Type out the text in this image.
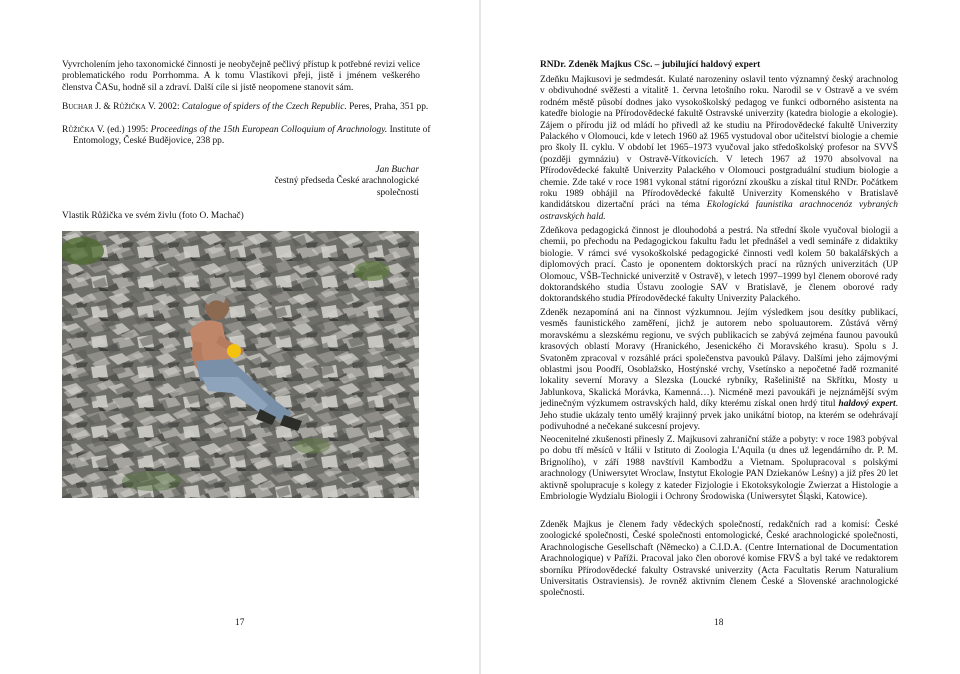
Vyvrcholením jeho taxonomické činnosti je neobyčejně pečlivý přístup k potřebné revizi velice problematického rodu Porrhomma. A k tomu Vlastíkovi přeji, jistě i jménem veškerého členstva ČASu, hodně sil a zdraví. Další cíle si jistě neopomene stanovit sám.
Buchar J. & Růžička V. 2002: Catalogue of spiders of the Czech Republic. Peres, Praha, 351 pp.
Růžička V. (ed.) 1995: Proceedings of the 15th European Colloquium of Arachnology. Institute of Entomology, České Budějovice, 238 pp.
Jan Buchar
čestný předseda České arachnologické společnosti
Vlastik Růžička ve svém živlu (foto O. Machač)
17
RNDr. Zdeněk Majkus CSc. – jubilující haldový expert
Zdeňku Majkusovi je sedmdesát. Kulaté narozeniny oslavil tento významný český arachnolog v obdivuhodné svěžesti a vitalitě 1. června letošního roku. Narodil se v Ostravě a ve svém rodném městě působí dodnes jako vysokoškolský pedagog ve funkci odborného asistenta na katedře biologie na Přírodovědecké fakultě Ostravské univerzity (katedra biologie a ekologie). Zájem o přírodu již od mládí ho přivedl až ke studiu na Přírodovědecké fakultě Univerzity Palackého v Olomouci, kde v letech 1960 až 1965 vystudoval obor učitelství biologie a chemie pro školy II. cyklu. V období let 1965–1973 vyučoval jako středoškolský profesor na SVVŠ (později gymnáziu) v Ostravě-Vítkovicích. V letech 1967 až 1970 absolvoval na Přírodovědecké fakultě Univerzity Palackého v Olomouci postgraduální studium biologie a chemie. Zde také v roce 1981 vykonal státní rigorózní zkoušku a získal titul RNDr. Počátkem roku 1989 obhájil na Přírodovědecké fakultě Univerzity Komenského v Bratislavě kandidátskou dizertační práci na téma Ekologická faunistika arachnocenóz vybraných ostravských hald.
Zdeňkova pedagogická činnost je dlouhodobá a pestrá. Na střední škole vyučoval biologii a chemii, po přechodu na Pedagogickou fakultu řadu let přednášel a vedl semináře z didaktiky biologie. V rámci své vysokoškolské pedagogické činnosti vedl kolem 50 bakalářských a diplomových prací. Často je oponentem doktorských prací na různých univerzitách (UP Olomouc, VŠB-Technické univerzitě v Ostravě), v letech 1997–1999 byl členem oborové rady doktorandského studia Ústavu zoologie SAV v Bratislavě, je členem oborové rady doktorandského studia Přírodovědecké fakulty Univerzity Palackého.
Zdeněk nezapomíná ani na činnost výzkumnou. Jejím výsledkem jsou desítky publikací, vesměs faunistického zaměření, jichž je autorem nebo spoluautorem. Zůstává věrný moravskému a slezskému regionu, ve svých publikacích se zabývá zejména faunou pavouků krasových oblastí Moravy (Hranického, Jesenického či Moravského krasu). Spolu s J. Svatoněm zpracoval v rozsáhlé práci společenstva pavouků Pálavy. Dalšími jeho zájmovými oblastmi jsou Poodří, Osoblažsko, Hostýnské vrchy, Vsetínsko a nepočetné řadě rozmanité lokality severní Moravy a Slezska (Loucké rybníky, Rašeliniště na Skřítku, Mosty u Jablunkova, Skalická Morávka, Kamenná…). Nicméně mezi pavoukáři je nejznámější svým jedinečným výzkumem ostravských hald, díky kterému získal onen hrdý titul haldový expert. Jeho studie ukázaly tento umělý krajinný prvek jako unikátní biotop, na kterém se odehrávají podivuhodné a nečekané sukcesní projevy.
Neocenitelné zkušenosti přinesly Z. Majkusovi zahraniční stáže a pobyty: v roce 1983 pobýval po dobu tří měsíců v Itálii v Istituto di Zoologia L'Aquila (u dnes už legendárního dr. P. M. Brignolího), v září 1988 navštívil Kambodžu a Vietnam. Spolupracoval s polskými arachnology (Uniwersytet Wroclaw, Instytut Ekologie PAN Dziekanów Leśny) a již přes 20 let aktivně spolupracuje s kolegy z kateder Fizjologie i Ekotoksykologie Zwierzat a Histologie a Embriologie Wydzialu Biologii i Ochrony Środowiska (Uniwersytet Śląski, Katowice).
Zdeněk Majkus je členem řady vědeckých společností, redakčních rad a komisí: České zoologické společnosti, České společnosti entomologické, České arachnologické společnosti, Arachnologische Gesellschaft (Německo) a C.I.D.A. (Centre International de Documentation Arachnologique) v Paříži. Pracoval jako člen oborové komise FRVŠ a byl také ve redaktorem sborníku Přírodovědecké fakulty Ostravské univerzity (Acta Facultatis Rerum Naturalium Universitatis Ostraviensis). Je rovněž aktivním členem České a Slovenské arachnologické společnosti.
18
